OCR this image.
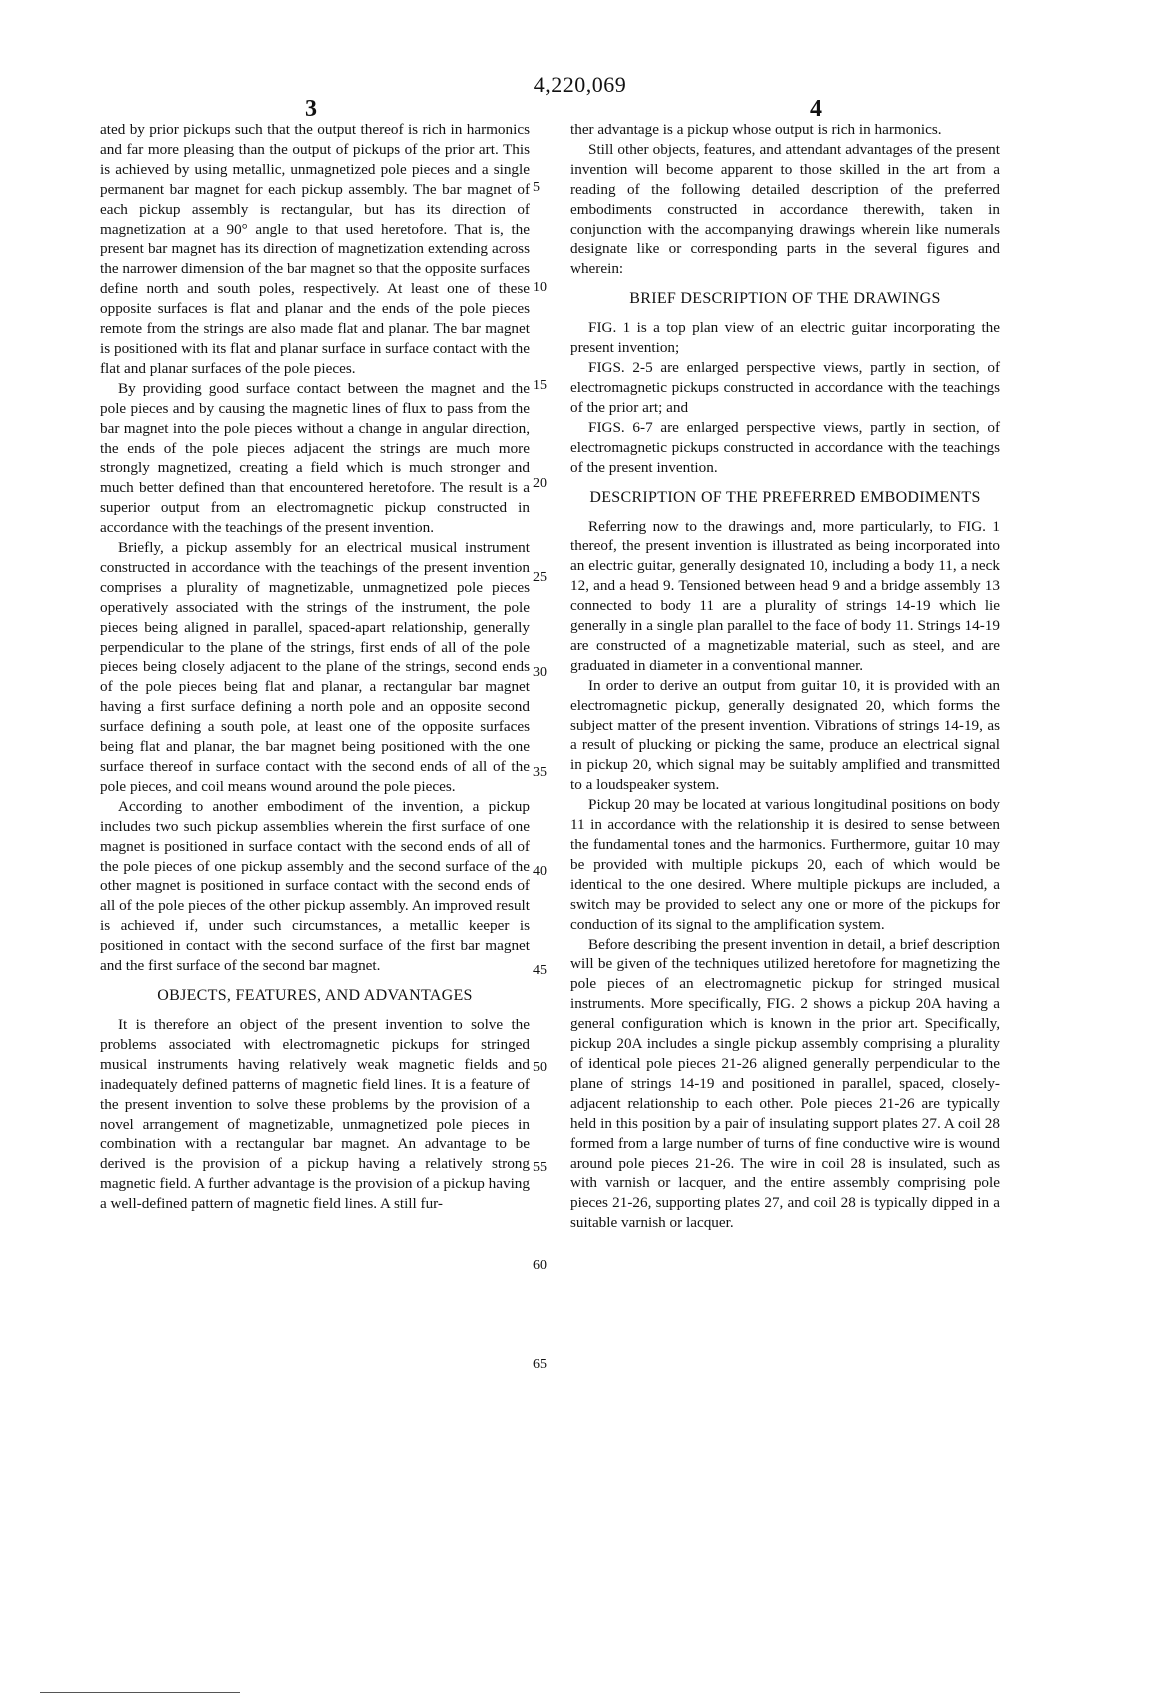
4,220,069
3	4

ated by prior pickups such that the output thereof is rich in harmonics and far more pleasing than the output of pickups of the prior art. This is achieved by using metallic, unmagnetized pole pieces and a single permanent bar magnet for each pickup assembly. The bar magnet of each pickup assembly is rectangular, but has its direction of magnetization at a 90° angle to that used heretofore. That is, the present bar magnet has its direction of magnetization extending across the narrower dimension of the bar magnet so that the opposite surfaces define north and south poles, respectively. At least one of these opposite surfaces is flat and planar and the ends of the pole pieces remote from the strings are also made flat and planar. The bar magnet is positioned with its flat and planar surface in surface contact with the flat and planar surfaces of the pole pieces.

By providing good surface contact between the magnet and the pole pieces and by causing the magnetic lines of flux to pass from the bar magnet into the pole pieces without a change in angular direction, the ends of the pole pieces adjacent the strings are much more strongly magnetized, creating a field which is much stronger and much better defined than that encountered heretofore. The result is a superior output from an electromagnetic pickup constructed in accordance with the teachings of the present invention.

Briefly, a pickup assembly for an electrical musical instrument constructed in accordance with the teachings of the present invention comprises a plurality of magnetizable, unmagnetized pole pieces operatively associated with the strings of the instrument, the pole pieces being aligned in parallel, spaced-apart relationship, generally perpendicular to the plane of the strings, first ends of all of the pole pieces being closely adjacent to the plane of the strings, second ends of the pole pieces being flat and planar, a rectangular bar magnet having a first surface defining a north pole and an opposite second surface defining a south pole, at least one of the opposite surfaces being flat and planar, the bar magnet being positioned with the one surface thereof in surface contact with the second ends of all of the pole pieces, and coil means wound around the pole pieces.

According to another embodiment of the invention, a pickup includes two such pickup assemblies wherein the first surface of one magnet is positioned in surface contact with the second ends of all of the pole pieces of one pickup assembly and the second surface of the other magnet is positioned in surface contact with the second ends of all of the pole pieces of the other pickup assembly. An improved result is achieved if, under such circumstances, a metallic keeper is positioned in contact with the second surface of the first bar magnet and the first surface of the second bar magnet.

OBJECTS, FEATURES, AND ADVANTAGES

It is therefore an object of the present invention to solve the problems associated with electromagnetic pickups for stringed musical instruments having relatively weak magnetic fields and inadequately defined patterns of magnetic field lines. It is a feature of the present invention to solve these problems by the provision of a novel arrangement of magnetizable, unmagnetized pole pieces in combination with a rectangular bar magnet. An advantage to be derived is the provision of a pickup having a relatively strong magnetic field. A further advantage is the provision of a pickup having a well-defined pattern of magnetic field lines. A still fur-

5
10
15
20
25
30
35
40
45
50
55
60
65

ther advantage is a pickup whose output is rich in harmonics.

Still other objects, features, and attendant advantages of the present invention will become apparent to those skilled in the art from a reading of the following detailed description of the preferred embodiments constructed in accordance therewith, taken in conjunction with the accompanying drawings wherein like numerals designate like or corresponding parts in the several figures and wherein:

BRIEF DESCRIPTION OF THE DRAWINGS

FIG. 1 is a top plan view of an electric guitar incorporating the present invention;

FIGS. 2-5 are enlarged perspective views, partly in section, of electromagnetic pickups constructed in accordance with the teachings of the prior art; and

FIGS. 6-7 are enlarged perspective views, partly in section, of electromagnetic pickups constructed in accordance with the teachings of the present invention.

DESCRIPTION OF THE PREFERRED EMBODIMENTS

Referring now to the drawings and, more particularly, to FIG. 1 thereof, the present invention is illustrated as being incorporated into an electric guitar, generally designated 10, including a body 11, a neck 12, and a head 9. Tensioned between head 9 and a bridge assembly 13 connected to body 11 are a plurality of strings 14-19 which lie generally in a single plan parallel to the face of body 11. Strings 14-19 are constructed of a magnetizable material, such as steel, and are graduated in diameter in a conventional manner.

In order to derive an output from guitar 10, it is provided with an electromagnetic pickup, generally designated 20, which forms the subject matter of the present invention. Vibrations of strings 14-19, as a result of plucking or picking the same, produce an electrical signal in pickup 20, which signal may be suitably amplified and transmitted to a loudspeaker system.

Pickup 20 may be located at various longitudinal positions on body 11 in accordance with the relationship it is desired to sense between the fundamental tones and the harmonics. Furthermore, guitar 10 may be provided with multiple pickups 20, each of which would be identical to the one desired. Where multiple pickups are included, a switch may be provided to select any one or more of the pickups for conduction of its signal to the amplification system.

Before describing the present invention in detail, a brief description will be given of the techniques utilized heretofore for magnetizing the pole pieces of an electromagnetic pickup for stringed musical instruments. More specifically, FIG. 2 shows a pickup 20A having a general configuration which is known in the prior art. Specifically, pickup 20A includes a single pickup assembly comprising a plurality of identical pole pieces 21-26 aligned generally perpendicular to the plane of strings 14-19 and positioned in parallel, spaced, closely-adjacent relationship to each other. Pole pieces 21-26 are typically held in this position by a pair of insulating support plates 27. A coil 28 formed from a large number of turns of fine conductive wire is wound around pole pieces 21-26. The wire in coil 28 is insulated, such as with varnish or lacquer, and the entire assembly comprising pole pieces 21-26, supporting plates 27, and coil 28 is typically dipped in a suitable varnish or lacquer.
